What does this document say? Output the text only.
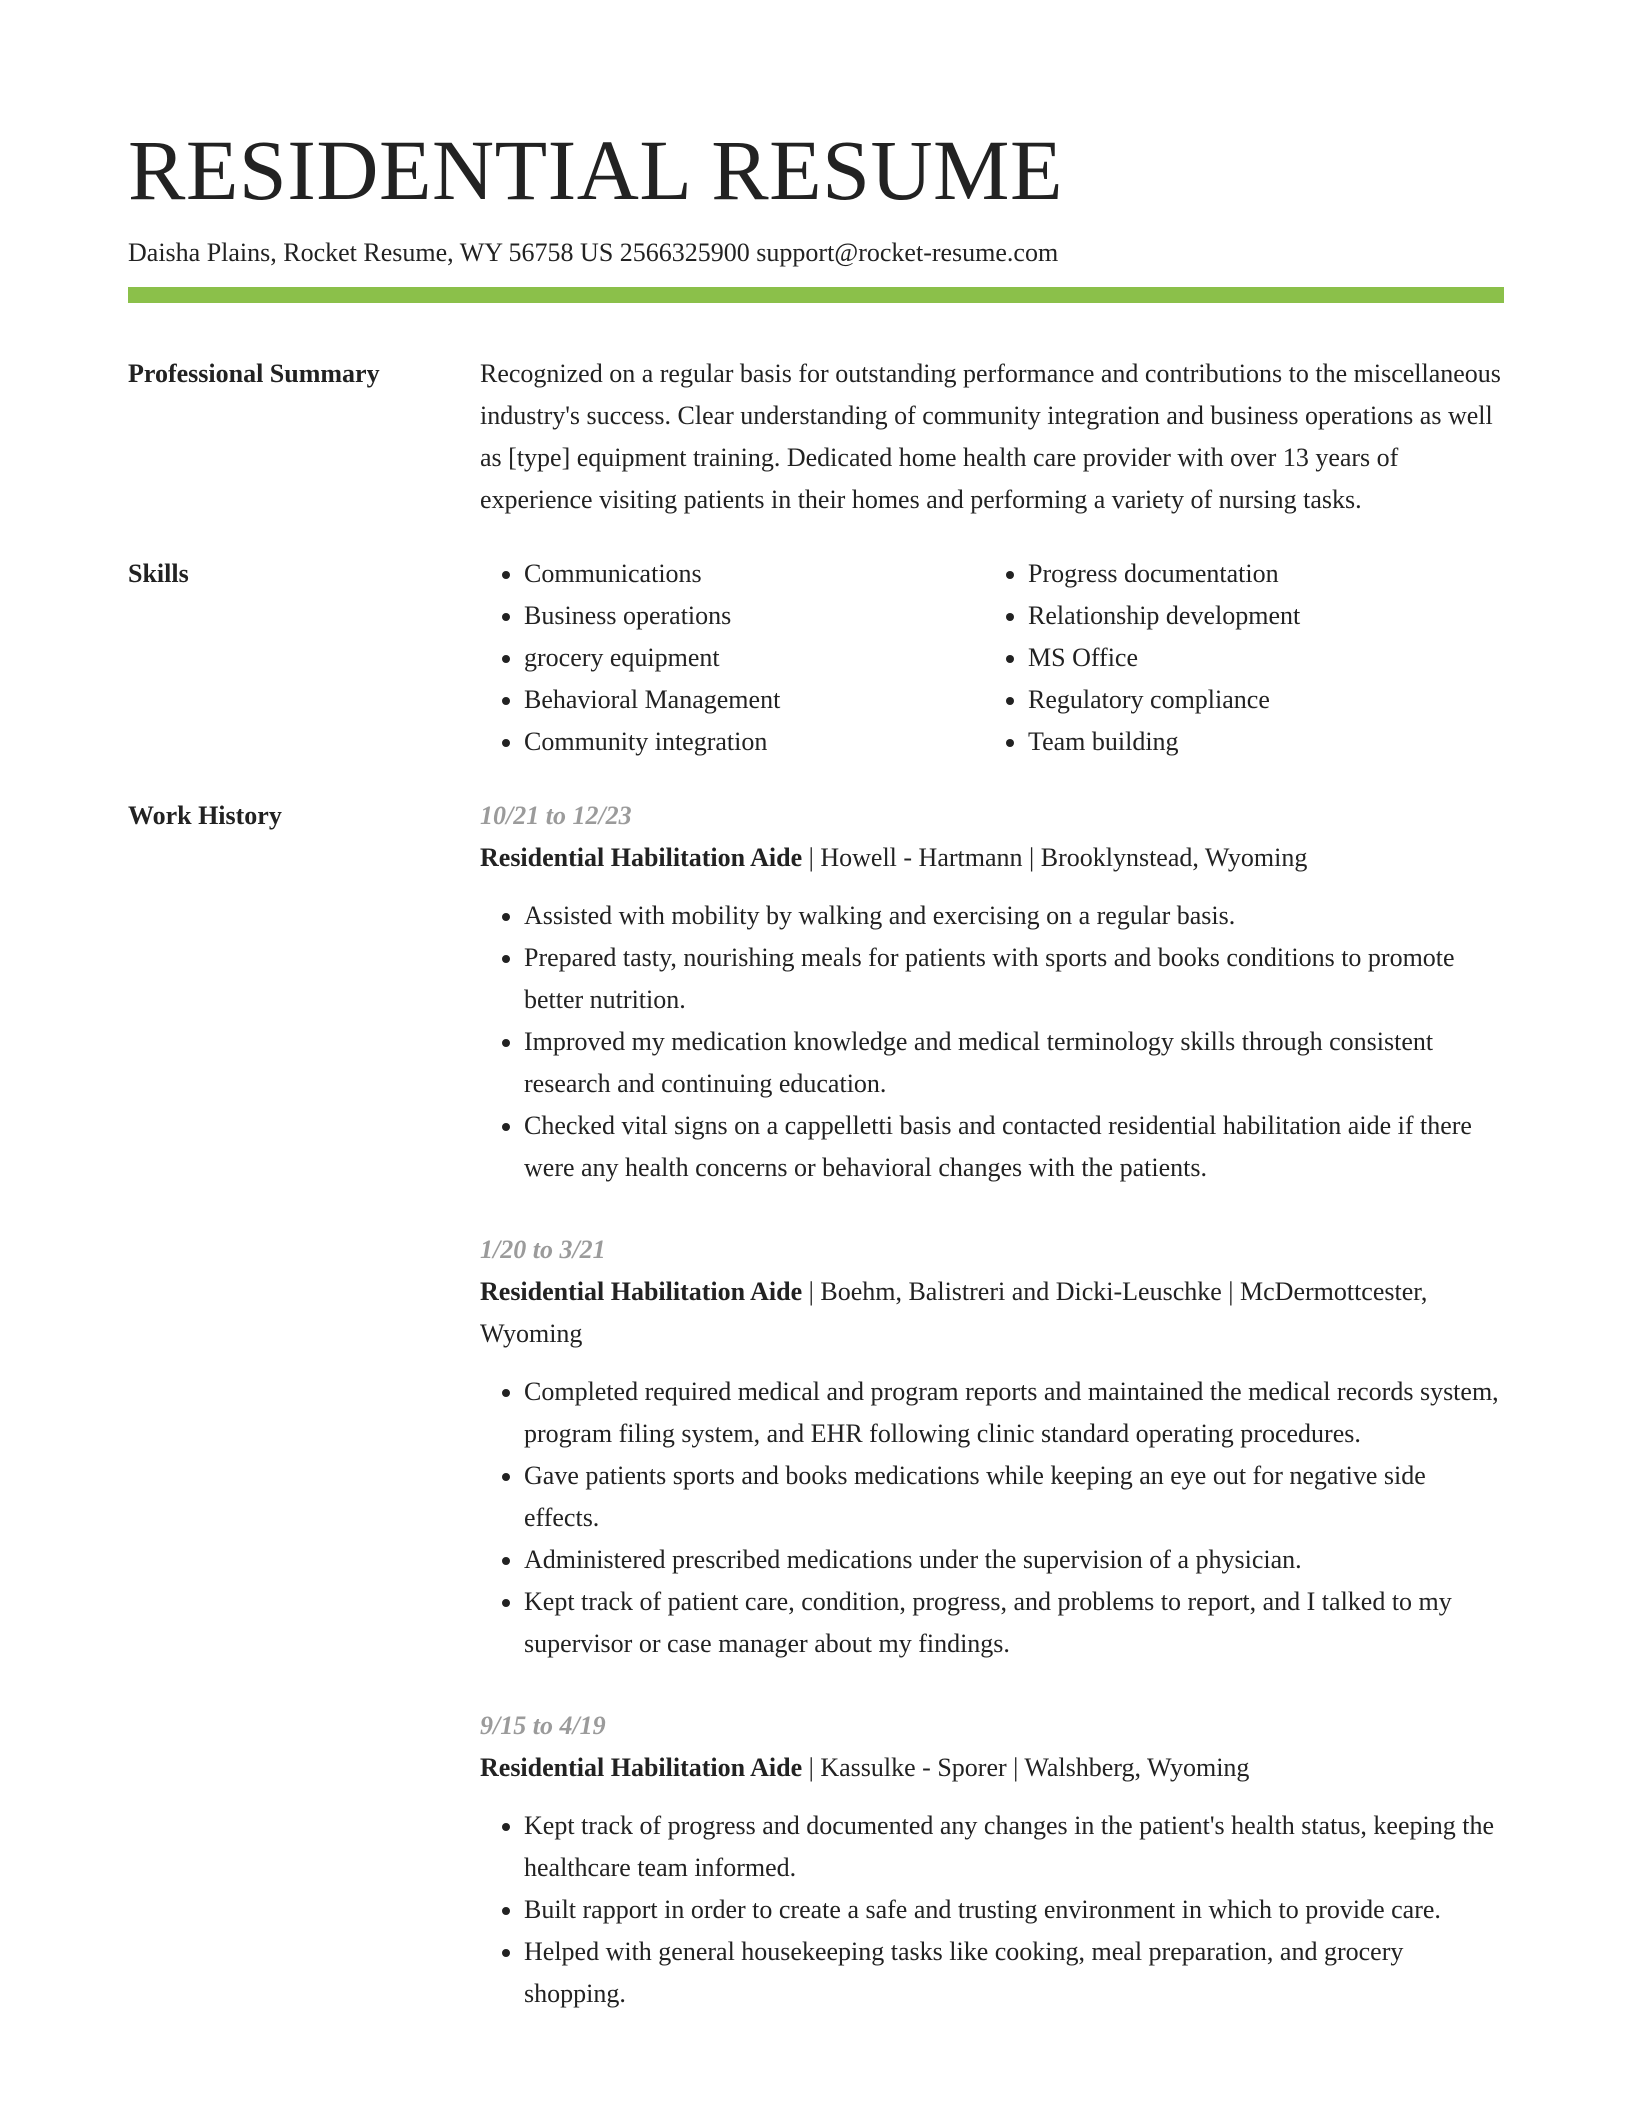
RESIDENTIAL RESUME
Daisha Plains, Rocket Resume, WY 56758 US 2566325900 support@rocket-resume.com
Professional Summary	Recognized on a regular basis for outstanding performance and contributions to the miscellaneous industry's success. Clear understanding of community integration and business operations as well as [type] equipment training. Dedicated home health care provider with over 13 years of experience visiting patients in their homes and performing a variety of nursing tasks.

Skills
•	Communications
• Business operations
• grocery equipment
• Behavioral Management
• Community integration
• Progress documentation
• Relationship development
• MS Office
• Regulatory compliance
• Team building
Work History	10/21 to 12/23

Residential Habilitation Aide | Howell - Hartmann | Brooklynstead, Wyoming

• Assisted with mobility by walking and exercising on a regular basis.
• Prepared tasty, nourishing meals for patients with sports and books conditions to promote better nutrition.
• Improved my medication knowledge and medical terminology skills through consistent research and continuing education.
• Checked vital signs on a cappelletti basis and contacted residential habilitation aide if there were any health concerns or behavioral changes with the patients.
1/20 to 3/21

Residential Habilitation Aide | Boehm, Balistreri and Dicki-Leuschke | McDermottcester, Wyoming

• Completed required medical and program reports and maintained the medical records system, program filing system, and EHR following clinic standard operating procedures.
• Gave patients sports and books medications while keeping an eye out for negative side effects.
• Administered prescribed medications under the supervision of a physician.
• Kept track of patient care, condition, progress, and problems to report, and I talked to my supervisor or case manager about my findings.
9/15 to 4/19

Residential Habilitation Aide | Kassulke - Sporer | Walshberg, Wyoming

• Kept track of progress and documented any changes in the patient's health status, keeping the healthcare team informed.
• Built rapport in order to create a safe and trusting environment in which to provide care.
• Helped with general housekeeping tasks like cooking, meal preparation, and grocery shopping.
